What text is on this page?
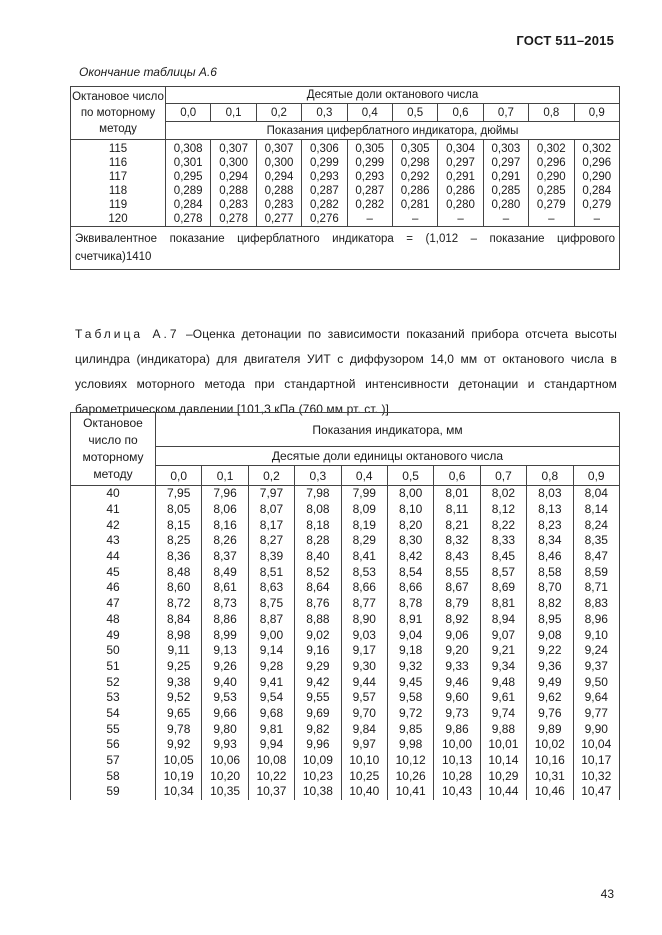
ГОСТ 511–2015
Окончание таблицы А.6
Октановое число по моторному методу	Десятые доли октанового числа									
	0,0	0,1	0,2	0,3	0,4	0,5	0,6	0,7	0,8	0,9
	Показания циферблатного индикатора, дюймы									

115	0,308	0,307	0,307	0,306	0,305	0,305	0,304	0,303	0,302	0,302
116	0,301	0,300	0,300	0,299	0,299	0,298	0,297	0,297	0,296	0,296
117	0,295	0,294	0,294	0,293	0,293	0,292	0,291	0,291	0,290	0,290
118	0,289	0,288	0,288	0,287	0,287	0,286	0,286	0,285	0,285	0,284
119	0,284	0,283	0,283	0,282	0,282	0,281	0,280	0,280	0,279	0,279
120	0,278	0,278	0,277	0,276	–	–	–	–	–	–
Эквивалентное показание циферблатного индикатора = (1,012 – показание цифрового счетчика)1410										
Таблица А.7 –Оценка детонации по зависимости показаний прибора отсчета высоты цилиндра (индикатора) для двигателя УИТ с диффузором 14,0 мм от октанового числа в условиях моторного метода при стандартной интенсивности детонации и стандартном барометрическом давлении [101,3 кПа (760 мм рт. ст. )]
Октановое число по моторному методу	Показания индикатора, мм									
	Десятые доли единицы октанового числа									
	0,0	0,1	0,2	0,3	0,4	0,5	0,6	0,7	0,8	0,9
40	7,95	7,96	7,97	7,98	7,99	8,00	8,01	8,02	8,03	8,04
41	8,05	8,06	8,07	8,08	8,09	8,10	8,11	8,12	8,13	8,14
42	8,15	8,16	8,17	8,18	8,19	8,20	8,21	8,22	8,23	8,24
43	8,25	8,26	8,27	8,28	8,29	8,30	8,32	8,33	8,34	8,35
44	8,36	8,37	8,39	8,40	8,41	8,42	8,43	8,45	8,46	8,47
45	8,48	8,49	8,51	8,52	8,53	8,54	8,55	8,57	8,58	8,59
46	8,60	8,61	8,63	8,64	8,66	8,66	8,67	8,69	8,70	8,71
47	8,72	8,73	8,75	8,76	8,77	8,78	8,79	8,81	8,82	8,83
48	8,84	8,86	8,87	8,88	8,90	8,91	8,92	8,94	8,95	8,96
49	8,98	8,99	9,00	9,02	9,03	9,04	9,06	9,07	9,08	9,10
50	9,11	9,13	9,14	9,16	9,17	9,18	9,20	9,21	9,22	9,24
51	9,25	9,26	9,28	9,29	9,30	9,32	9,33	9,34	9,36	9,37
52	9,38	9,40	9,41	9,42	9,44	9,45	9,46	9,48	9,49	9,50
53	9,52	9,53	9,54	9,55	9,57	9,58	9,60	9,61	9,62	9,64
54	9,65	9,66	9,68	9,69	9,70	9,72	9,73	9,74	9,76	9,77
55	9,78	9,80	9,81	9,82	9,84	9,85	9,86	9,88	9,89	9,90
56	9,92	9,93	9,94	9,96	9,97	9,98	10,00	10,01	10,02	10,04
57	10,05	10,06	10,08	10,09	10,10	10,12	10,13	10,14	10,16	10,17
58	10,19	10,20	10,22	10,23	10,25	10,26	10,28	10,29	10,31	10,32
59	10,34	10,35	10,37	10,38	10,40	10,41	10,43	10,44	10,46	10,47
43
